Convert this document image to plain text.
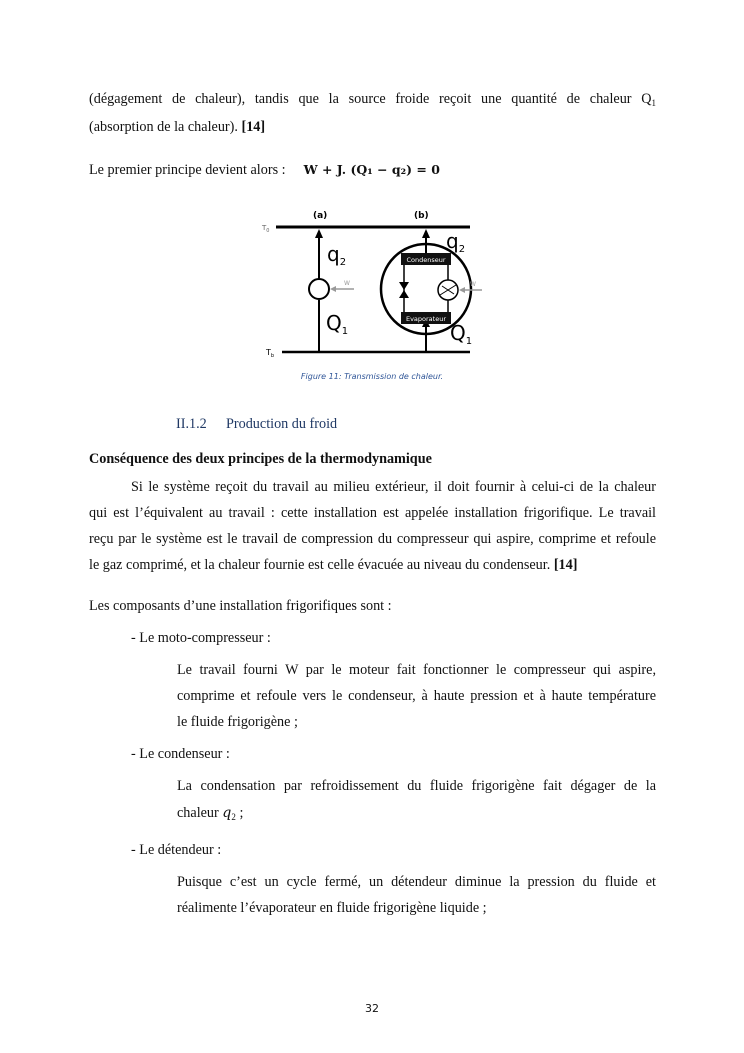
(dégagement de chaleur), tandis que la source froide reçoit une quantité de chaleur $Q_1$

(absorption de la chaleur). [14]

Le premier principe devient alors : W + J. (Q₁ − q₂) = 0

$T_0$
$T_b$
(a)	(b)
W
$q_2$
$Q_1$
Condenseur
Evaporateur
W
$q_2$
$Q_1$
Figure 11: Transmission de chaleur.
II.1.2 Production du froid

Conséquence des deux principes de la thermodynamique

Si le système reçoit du travail au milieu extérieur, il doit fournir à celui-ci de la chaleur

qui est l’équivalent au travail : cette installation est appelée installation frigorifique. Le travail

reçu par le système est le travail de compression du compresseur qui aspire, comprime et refoule

le gaz comprimé, et la chaleur fournie est celle évacuée au niveau du condenseur. [14]

Les composants d’une installation frigorifiques sont :

- Le moto-compresseur :

Le travail fourni W par le moteur fait fonctionner le compresseur qui aspire,

comprime et refoule vers le condenseur, à haute pression et à haute température

le fluide frigorigène ;

- Le condenseur :

La condensation par refroidissement du fluide frigorigène fait dégager de la

chaleur $q_2$ ;

- Le détendeur :

Puisque c’est un cycle fermé, un détendeur diminue la pression du fluide et

réalimente l’évaporateur en fluide frigorigène liquide ;

32
